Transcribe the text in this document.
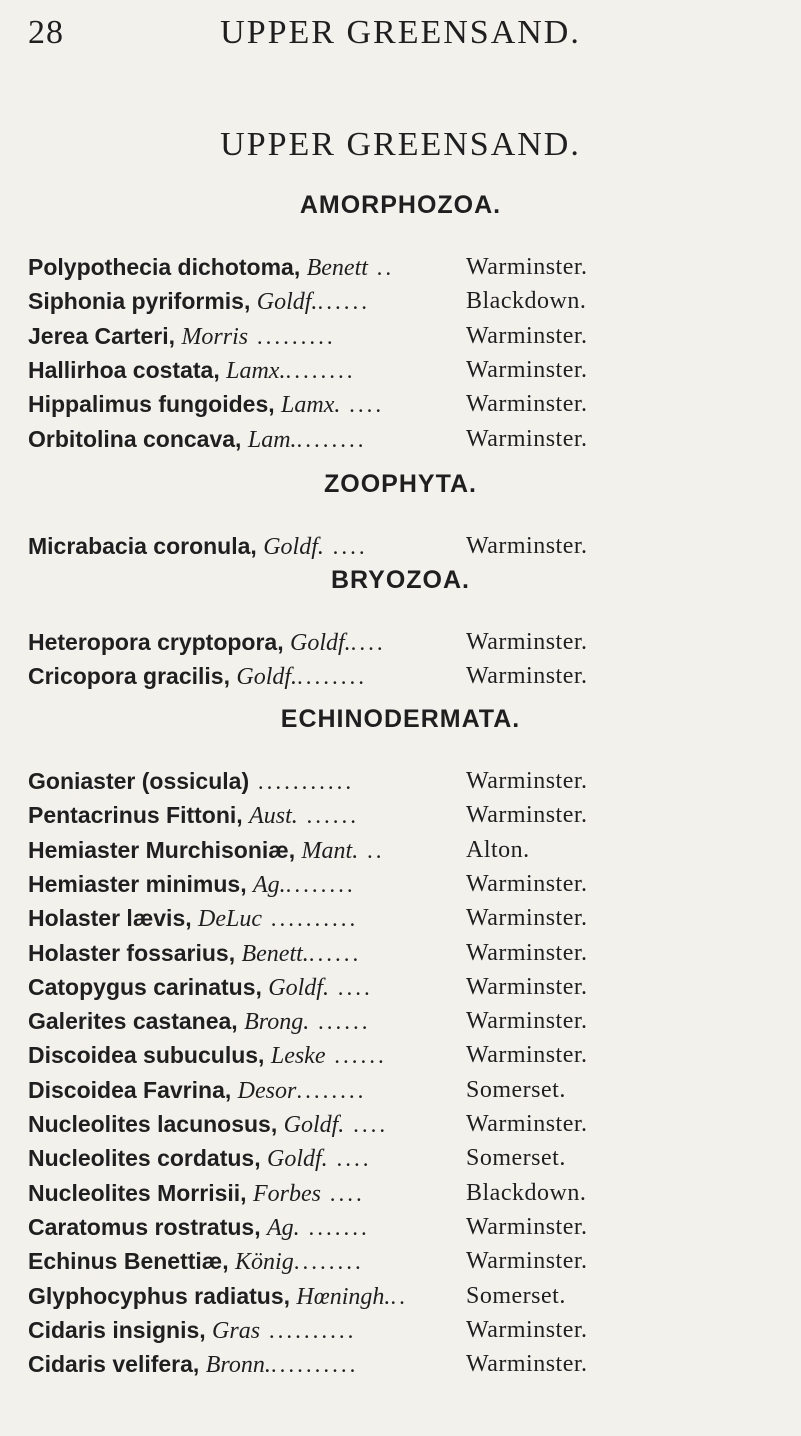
28	UPPER GREENSAND.
UPPER GREENSAND.
AMORPHOZOA.
Polypothecia dichotoma, Benett ..	Warminster.
Siphonia pyriformis, Goldf.......	Blackdown.
Jerea Carteri, Morris .........	Warminster.
Hallirhoa costata, Lamx.........	Warminster.
Hippalimus fungoides, Lamx. ....	Warminster.
Orbitolina concava, Lam.........	Warminster.
ZOOPHYTA.
Micrabacia coronula, Goldf. ....	Warminster.
BRYOZOA.
Heteropora cryptopora, Goldf.....	Warminster.
Cricopora gracilis, Goldf.........	Warminster.
ECHINODERMATA.
Goniaster (ossicula) ...........	Warminster.
Pentacrinus Fittoni, Aust. ......	Warminster.
Hemiaster Murchisoniæ, Mant. ..	Alton.
Hemiaster minimus, Ag.........	Warminster.
Holaster lævis, DeLuc ..........	Warminster.
Holaster fossarius, Benett.......	Warminster.
Catopygus carinatus, Goldf. ....	Warminster.
Galerites castanea, Brong. ......	Warminster.
Discoidea subuculus, Leske ......	Warminster.
Discoidea Favrina, Desor........	Somerset.
Nucleolites lacunosus, Goldf. ....	Warminster.
Nucleolites cordatus, Goldf. ....	Somerset.
Nucleolites Morrisii, Forbes ....	Blackdown.
Caratomus rostratus, Ag. .......	Warminster.
Echinus Benettiæ, König........	Warminster.
Glyphocyphus radiatus, Hœningh... Somerset.
Cidaris insignis, Gras ..........	Warminster.
Cidaris velifera, Bronn...........	Warminster.
